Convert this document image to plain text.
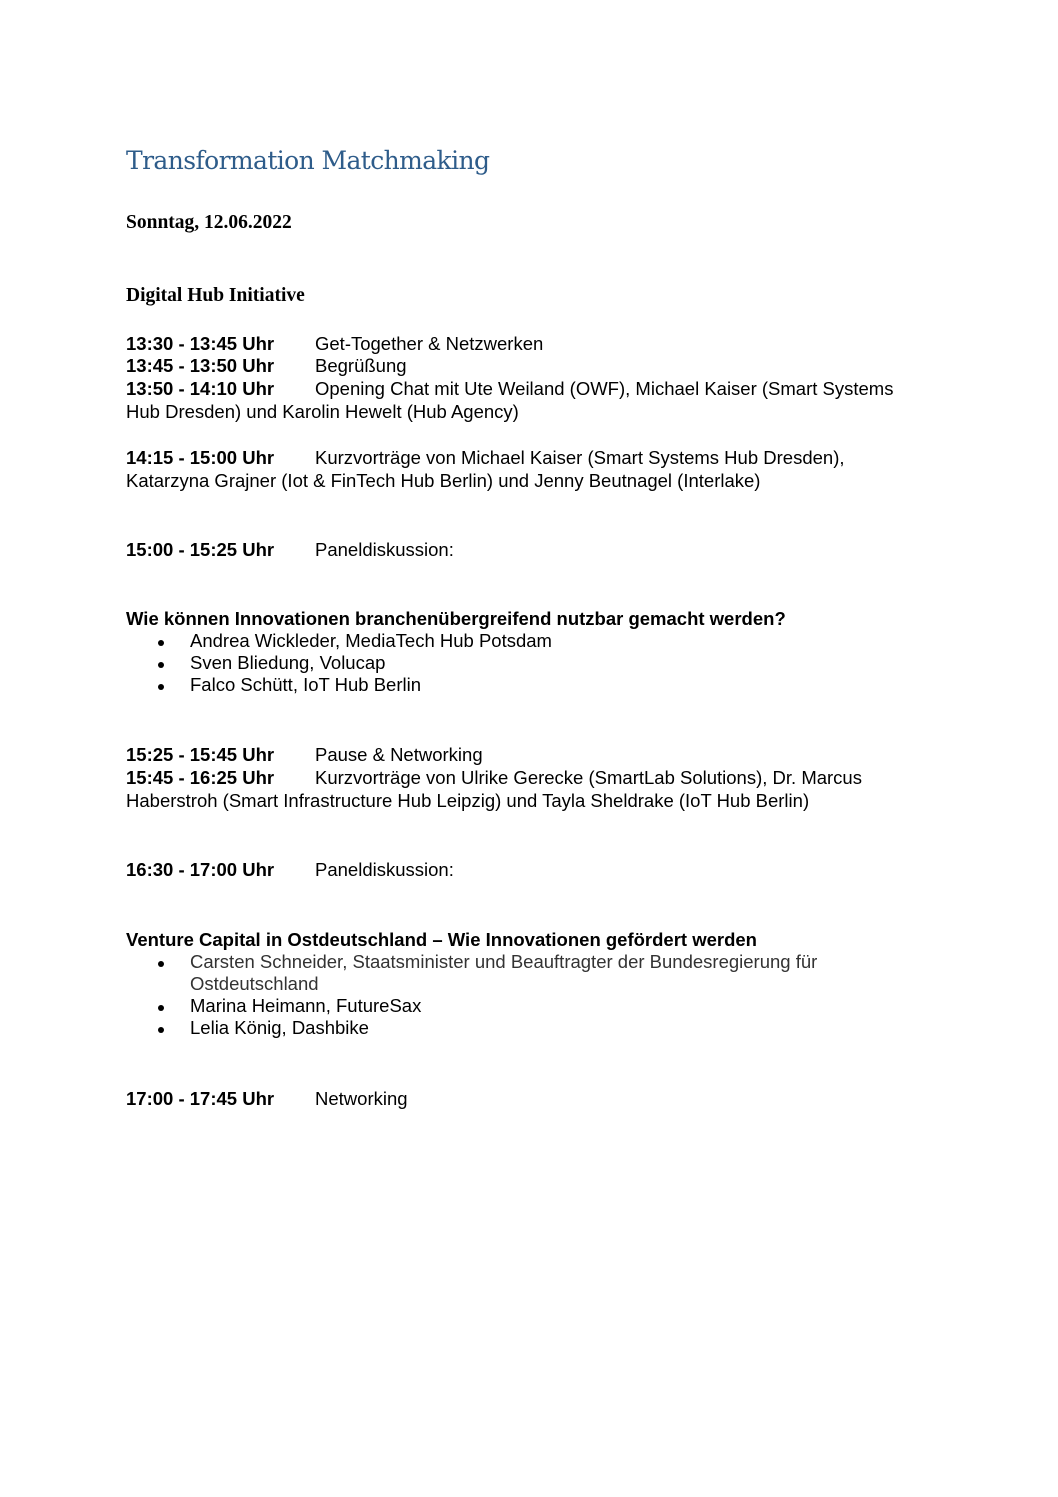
Transformation Matchmaking
Sonntag, 12.06.2022
Digital Hub Initiative
13:30 - 13:45 Uhr Get-Together & Netzwerken
13:45 - 13:50 Uhr Begrüßung
13:50 - 14:10 Uhr Opening Chat mit Ute Weiland (OWF), Michael Kaiser (Smart Systems
Hub Dresden) und Karolin Hewelt (Hub Agency)
14:15 - 15:00 Uhr Kurzvorträge von Michael Kaiser (Smart Systems Hub Dresden),
Katarzyna Grajner (Iot & FinTech Hub Berlin) und Jenny Beutnagel (Interlake)
15:00 - 15:25 Uhr Paneldiskussion:
Wie können Innovationen branchenübergreifend nutzbar gemacht werden?
Andrea Wickleder, MediaTech Hub Potsdam
Sven Bliedung, Volucap
Falco Schütt, IoT Hub Berlin
15:25 - 15:45 Uhr Pause & Networking
15:45 - 16:25 Uhr Kurzvorträge von Ulrike Gerecke (SmartLab Solutions), Dr. Marcus
Haberstroh (Smart Infrastructure Hub Leipzig) und Tayla Sheldrake (IoT Hub Berlin)
16:30 - 17:00 Uhr Paneldiskussion:
Venture Capital in Ostdeutschland – Wie Innovationen gefördert werden
Carsten Schneider, Staatsminister und Beauftragter der Bundesregierung für
Ostdeutschland
Marina Heimann, FutureSax
Lelia König, Dashbike
17:00 - 17:45 Uhr Networking
